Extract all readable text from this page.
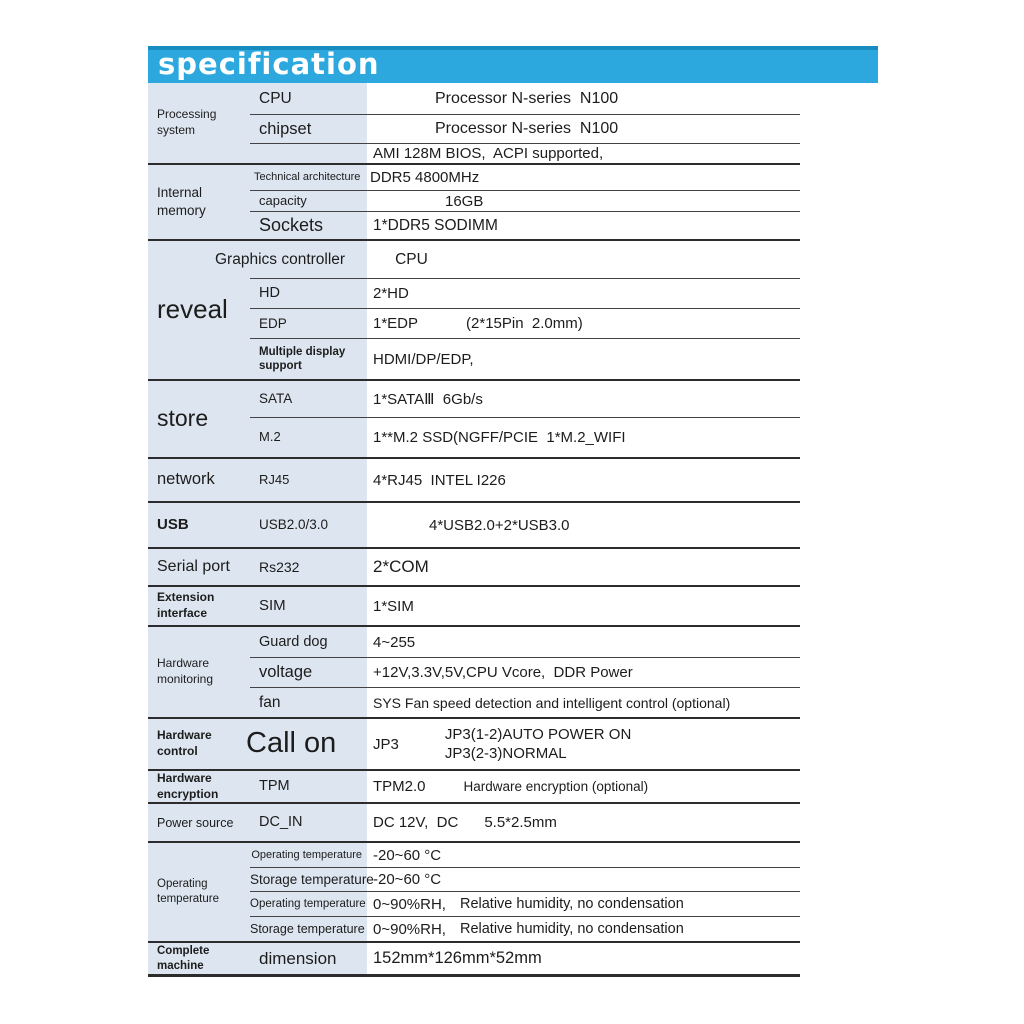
specification
Processing system
CPU	Processor N-series  N100
chipset	Processor N-series  N100
AMI 128M BIOS,  ACPI supported,
Internal memory
Technical architecture DDR5 4800MHz
capacity	16GB
Sockets	1*DDR5 SODIMM
reveal
Graphics controller	CPU
HD	2*HD
EDP	1*EDP	(2*15Pin  2.0mm)
Multiple display support	HDMI/DP/EDP,
store
SATA	1*SATAⅢ  6Gb/s
M.2	1**M.2 SSD(NGFF/PCIE  1*M.2_WIFI
network	RJ45	4*RJ45  INTEL I226
USB	USB2.0/3.0	4*USB2.0+2*USB3.0
Serial port	Rs232	2*COM
Extension interface	SIM	1*SIM
Hardware monitoring
Guard dog	4~255
voltage	+12V,3.3V,5V,CPU Vcore,  DDR Power
fan	SYS Fan speed detection and intelligent control (optional)
Hardware control	Call on	JP3
JP3(1-2)AUTO POWER ON
JP3(2-3)NORMAL
Hardware encryption	TPM	TPM2.0	Hardware encryption (optional)
Power source	DC_IN	DC 12V,  DC 5.5*2.5mm
Operating temperature
Operating temperature -20~60 °C
Storage temperature -20~60 °C
Operating temperature 0~90%RH, Relative humidity, no condensation
Storage temperature 0~90%RH, Relative humidity, no condensation
Complete machine	dimension	152mm*126mm*52mm
